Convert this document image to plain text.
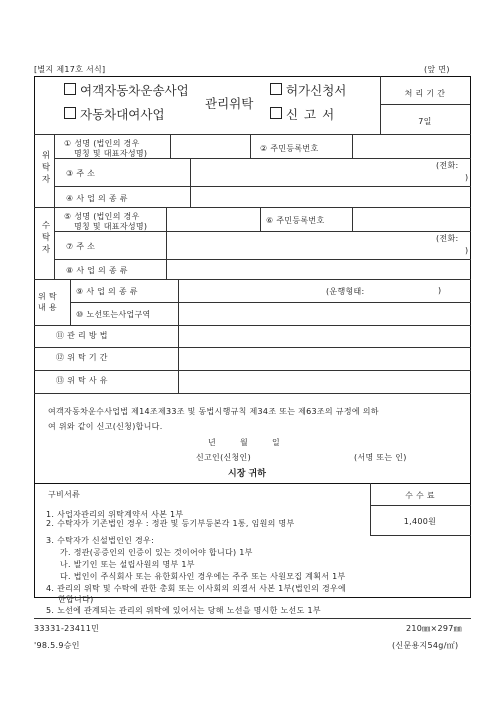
[별지 제17호 서식]	(앞 면)
여객자동차운송사업
자동차대여사업
관리위탁
허가신청서
신 고 서
처 리 기 간
7일
위탁자
① 성명 (법인의 경우
명칭 및 대표자성명)
② 주민등록번호
③ 주 소
(전화:
)
④ 사 업 의 종 류
수탁자
⑤ 성명 (법인의 경우
명칭 및 대표자성명)
⑥ 주민등록번호
⑦ 주 소
(전화:
)
⑧ 사 업 의 종 류
위 탁
내 용
⑨ 사 업 의 종 류	(운행형태:	)
⑩ 노선또는사업구역
⑪ 관 리 방 법
⑫ 위 탁 기 간
⑬ 위 탁 사 유
여객자동차운수사업법 제14조제33조 및 동법시행규칙 제34조 또는 제63조의 규정에 의하
여 위와 같이 신고(신청)합니다.
년	월	일
신고인(신청인)	(서명 또는 인)
시장 귀하
구비서류	수 수 료
1,400원
1. 사업자관리의 위탁계약서 사본 1부
2. 수탁자가 기존법인 경우 : 정관 및 등기부등본각 1통, 임원의 명부
3. 수탁자가 신설법인인 경우:
가. 정관(공증인의 인증이 있는 것이어야 합니다) 1부
나. 발기인 또는 설립사원의 명부 1부
다. 법인이 주식회사 또는 유한회사인 경우에는 주주 또는 사원모집 계획서 1부
4. 관리의 위탁 및 수탁에 관한 총회 또는 이사회의 의결서 사본 1부(법인의 경우에
한합니다)
5. 노선에 관계되는 관리의 위탁에 있어서는 당해 노선을 명시한 노선도 1부
33331-23411민	210㎜×297㎜
'98.5.9승인	(신문용지54g/㎡)
